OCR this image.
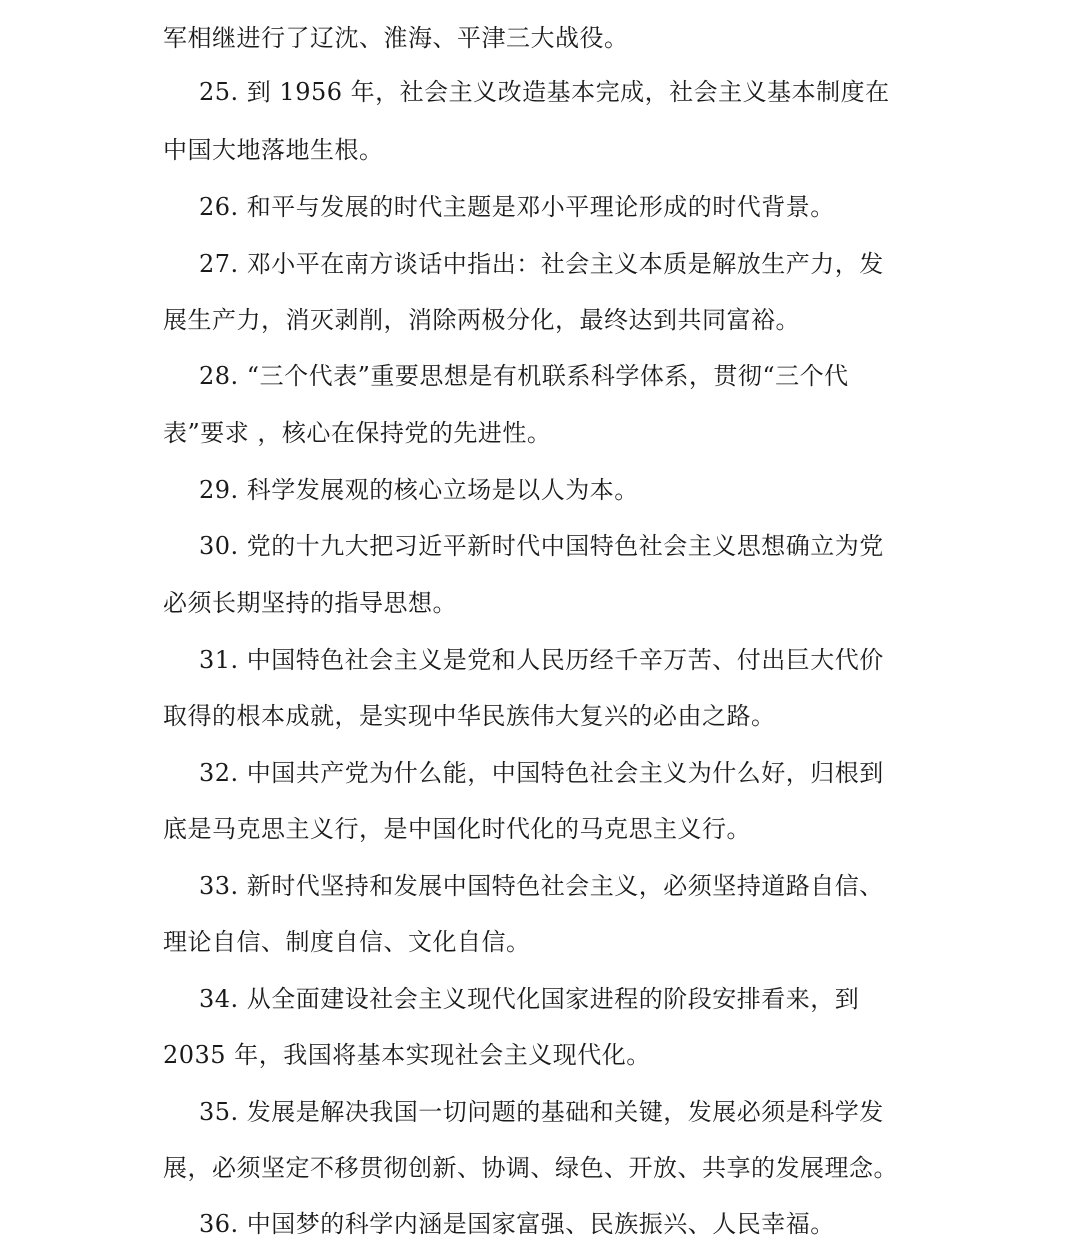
军相继进行了辽沈、淮海、平津三大战役。
25. 到 1956 年，社会主义改造基本完成，社会主义基本制度在
中国大地落地生根。
26. 和平与发展的时代主题是邓小平理论形成的时代背景。
27. 邓小平在南方谈话中指出：社会主义本质是解放生产力，发
展生产力，消灭剥削，消除两极分化，最终达到共同富裕。
28. “三个代表”重要思想是有机联系科学体系，贯彻“三个代
表”要求 ，核心在保持党的先进性。
29. 科学发展观的核心立场是以人为本。
30. 党的十九大把习近平新时代中国特色社会主义思想确立为党
必须长期坚持的指导思想。
31. 中国特色社会主义是党和人民历经千辛万苦、付出巨大代价
取得的根本成就，是实现中华民族伟大复兴的必由之路。
32. 中国共产党为什么能，中国特色社会主义为什么好，归根到
底是马克思主义行，是中国化时代化的马克思主义行。
33. 新时代坚持和发展中国特色社会主义，必须坚持道路自信、
理论自信、制度自信、文化自信。
34. 从全面建设社会主义现代化国家进程的阶段安排看来，到
2035 年，我国将基本实现社会主义现代化。
35. 发展是解决我国一切问题的基础和关键，发展必须是科学发
展，必须坚定不移贯彻创新、协调、绿色、开放、共享的发展理念。
36. 中国梦的科学内涵是国家富强、民族振兴、人民幸福。
